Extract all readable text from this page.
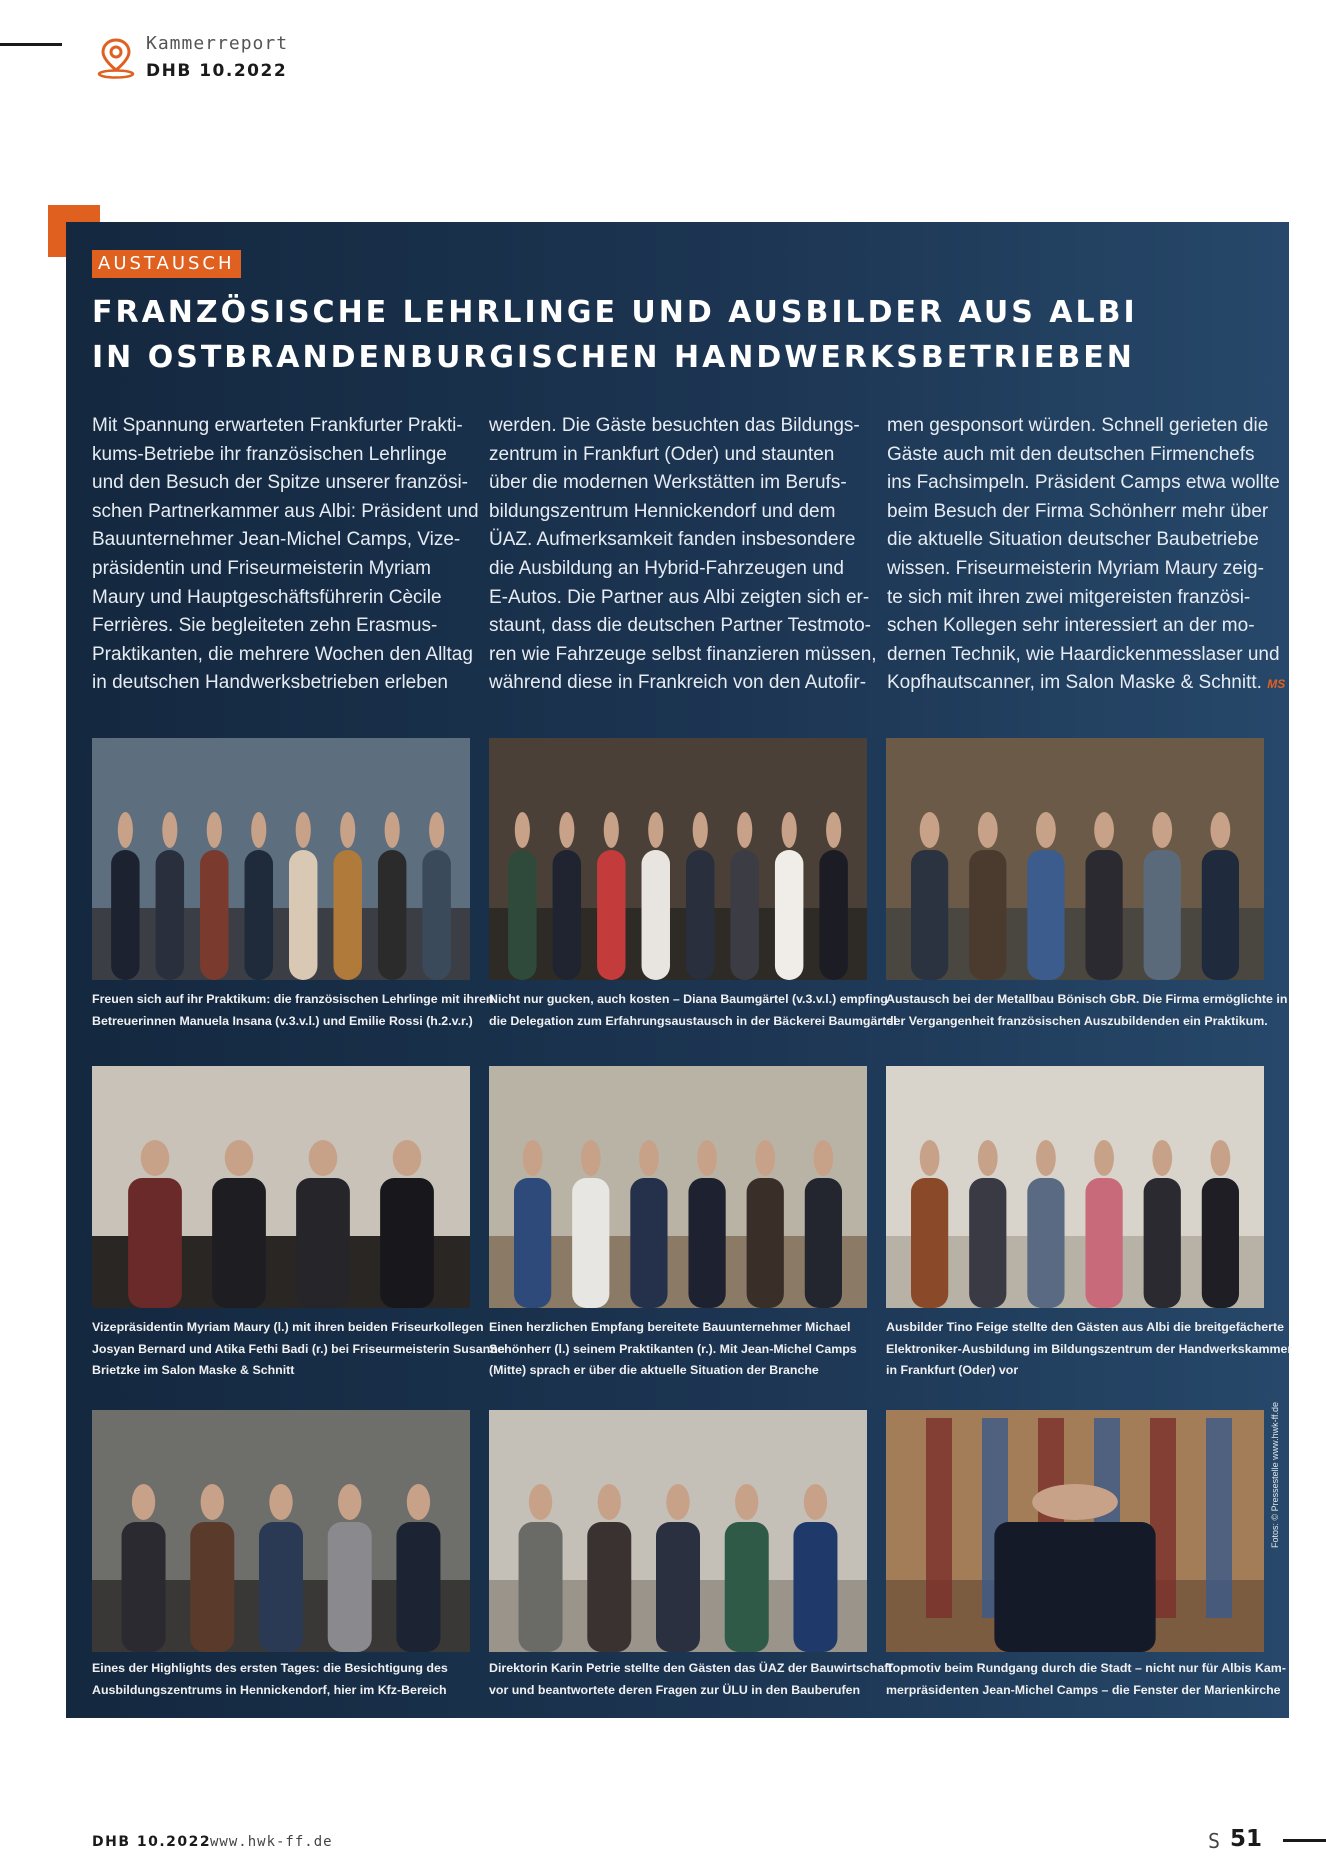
Kammerreport
DHB 10.2022
AUSTAUSCH
FRANZÖSISCHE LEHRLINGE UND AUSBILDER AUS ALBI
IN OSTBRANDENBURGISCHEN HANDWERKSBETRIEBEN
Mit Spannung erwarteten Frankfurter Prakti-
kums-Betriebe ihr französischen Lehrlinge
und den Besuch der Spitze unserer französi-
schen Partnerkammer aus Albi: Präsident und
Bauunternehmer Jean-Michel Camps, Vize-
präsidentin und Friseurmeisterin Myriam
Maury und Hauptgeschäftsführerin Cècile
Ferrières. Sie begleiteten zehn Erasmus-
Praktikanten, die mehrere Wochen den Alltag
in deutschen Handwerksbetrieben erleben
werden. Die Gäste besuchten das Bildungs-
zentrum in Frankfurt (Oder) und staunten
über die modernen Werkstätten im Berufs-
bildungszentrum Hennickendorf und dem
ÜAZ. Aufmerksamkeit fanden insbesondere
die Ausbildung an Hybrid-Fahrzeugen und
E-Autos. Die Partner aus Albi zeigten sich er-
staunt, dass die deutschen Partner Testmoto-
ren wie Fahrzeuge selbst finanzieren müssen,
während diese in Frankreich von den Autofir-
men gesponsort würden. Schnell gerieten die
Gäste auch mit den deutschen Firmenchefs
ins Fachsimpeln. Präsident Camps etwa wollte
beim Besuch der Firma Schönherr mehr über
die aktuelle Situation deutscher Baubetriebe
wissen. Friseurmeisterin Myriam Maury zeig-
te sich mit ihren zwei mitgereisten französi-
schen Kollegen sehr interessiert an der mo-
dernen Technik, wie Haardickenmesslaser und
Kopfhautscanner, im Salon Maske & Schnitt. MS
Freuen sich auf ihr Praktikum: die französischen Lehrlinge mit ihren
Betreuerinnen Manuela Insana (v.3.v.l.) und Emilie Rossi (h.2.v.r.)
Nicht nur gucken, auch kosten – Diana Baumgärtel (v.3.v.l.) empfing
die Delegation zum Erfahrungsaustausch in der Bäckerei Baumgärtel
Austausch bei der Metallbau Bönisch GbR. Die Firma ermöglichte in
der Vergangenheit französischen Auszubildenden ein Praktikum.
Vizepräsidentin Myriam Maury (l.) mit ihren beiden Friseurkollegen
Josyan Bernard und Atika Fethi Badi (r.) bei Friseurmeisterin Susanne
Brietzke im Salon Maske & Schnitt
Einen herzlichen Empfang bereitete Bauunternehmer Michael
Schönherr (l.) seinem Praktikanten (r.). Mit Jean-Michel Camps
(Mitte) sprach er über die aktuelle Situation der Branche
Ausbilder Tino Feige stellte den Gästen aus Albi die breitgefächerte
Elektroniker-Ausbildung im Bildungszentrum der Handwerkskammer
in Frankfurt (Oder) vor
Eines der Highlights des ersten Tages: die Besichtigung des
Ausbildungszentrums in Hennickendorf, hier im Kfz-Bereich
Direktorin Karin Petrie stellte den Gästen das ÜAZ der Bauwirtschaft
vor und beantwortete deren Fragen zur ÜLU in den Bauberufen
Topmotiv beim Rundgang durch die Stadt – nicht nur für Albis Kam-
merpräsidenten Jean-Michel Camps – die Fenster der Marienkirche
Fotos: © Pressestelle www.hwk-ff.de
DHB 10.2022
www.hwk-ff.de	S 51
